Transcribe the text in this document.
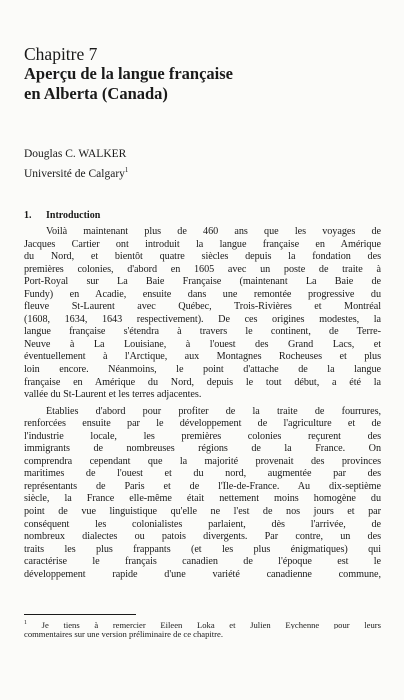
Chapitre 7
Aperçu de la langue française
en Alberta (Canada)
Douglas C. WALKER
Université de Calgary$^1$
1. Introduction
Voilà maintenant plus de 460 ans que les voyages de
Jacques Cartier ont introduit la langue française en Amérique
du Nord, et bientôt quatre siècles depuis la fondation des
premières colonies, d'abord en 1605 avec un poste de traite à
Port-Royal sur La Baie Française (maintenant La Baie de
Fundy) en Acadie, ensuite dans une remontée progressive du
fleuve St-Laurent avec Québec, Trois-Rivières et Montréal
(1608, 1634, 1643 respectivement). De ces origines modestes, la
langue française s'étendra à travers le continent, de Terre-
Neuve à La Louisiane, à l'ouest des Grand Lacs, et
éventuellement à l'Arctique, aux Montagnes Rocheuses et plus
loin encore. Néanmoins, le point d'attache de la langue
française en Amérique du Nord, depuis le tout début, a été la
vallée du St-Laurent et les terres adjacentes.
Établies d'abord pour profiter de la traite de fourrures,
renforcées ensuite par le développement de l'agriculture et de
l'industrie locale, les premières colonies reçurent des
immigrants de nombreuses régions de la France. On
comprendra cependant que la majorité provenait des provinces
maritimes de l'ouest et du nord, augmentée par des
représentants de Paris et de l'Île-de-France. Au dix-septième
siècle, la France elle-même était nettement moins homogène du
point de vue linguistique qu'elle ne l'est de nos jours et par
conséquent les colonialistes parlaient, dès l'arrivée, de
nombreux dialectes ou patois divergents. Par contre, un des
traits les plus frappants (et les plus énigmatiques) qui
caractérise le français canadien de l'époque est le
développement rapide d'une variété canadienne commune,
$^1$ Je tiens à remercier Eileen Loka et Julien Eychenne pour leurs
commentaires sur une version préliminaire de ce chapitre.
